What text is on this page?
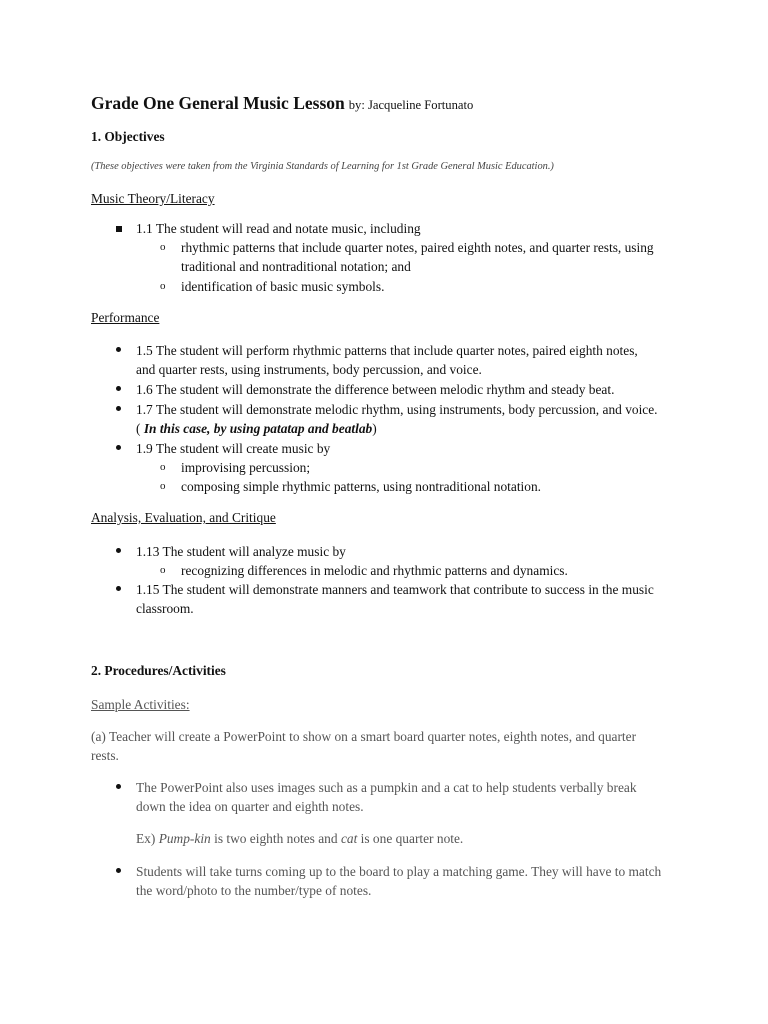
Grade One General Music Lesson by: Jacqueline Fortunato
1. Objectives
(These objectives were taken from the Virginia Standards of Learning for 1st Grade General Music Education.)
Music Theory/Literacy
1.1 The student will read and notate music, including
o rhythmic patterns that include quarter notes, paired eighth notes, and quarter rests, using
traditional and nontraditional notation; and
o identification of basic music symbols.
Performance
1.5 The student will perform rhythmic patterns that include quarter notes, paired eighth notes,
and quarter rests, using instruments, body percussion, and voice.
1.6 The student will demonstrate the difference between melodic rhythm and steady beat.
1.7 The student will demonstrate melodic rhythm, using instruments, body percussion, and voice.
( In this case, by using patatap and beatlab)
1.9 The student will create music by
o improvising percussion;
o composing simple rhythmic patterns, using nontraditional notation.
Analysis, Evaluation, and Critique
1.13 The student will analyze music by
o recognizing differences in melodic and rhythmic patterns and dynamics.
1.15 The student will demonstrate manners and teamwork that contribute to success in the music
classroom.
2. Procedures/Activities
Sample Activities:
(a) Teacher will create a PowerPoint to show on a smart board quarter notes, eighth notes, and quarter
rests.
The PowerPoint also uses images such as a pumpkin and a cat to help students verbally break
down the idea on quarter and eighth notes.
Ex) Pump-kin is two eighth notes and cat is one quarter note.
Students will take turns coming up to the board to play a matching game. They will have to match
the word/photo to the number/type of notes.
